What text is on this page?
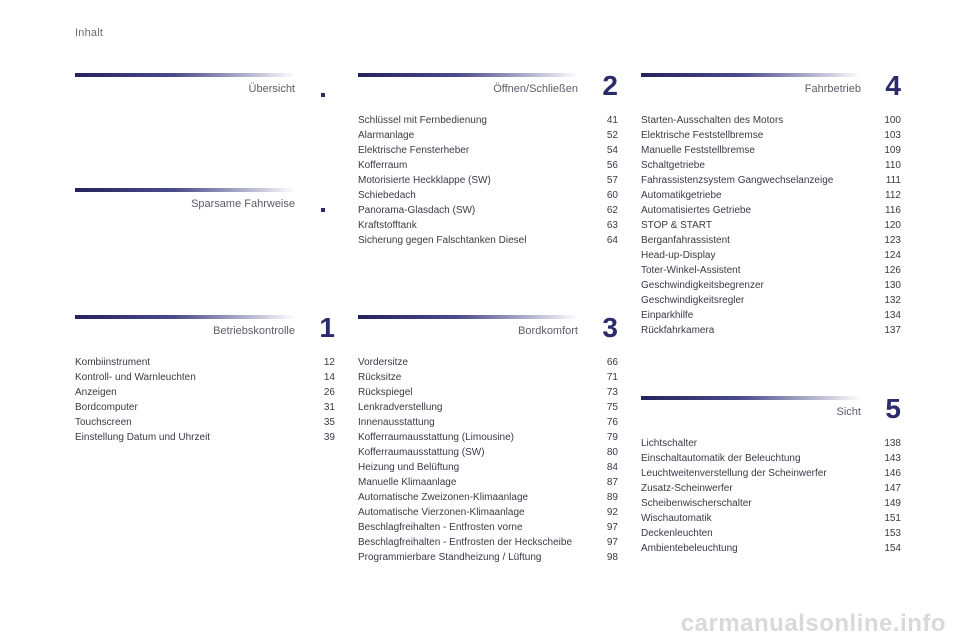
Inhalt
Übersicht
Sparsame Fahrweise
Betriebskontrolle 1
Kombiinstrument	12
Kontroll- und Warnleuchten	14
Anzeigen	26
Bordcomputer	31
Touchscreen	35
Einstellung Datum und Uhrzeit	39
Öffnen/Schließen 2
Schlüssel mit Fernbedienung	41
Alarmanlage	52
Elektrische Fensterheber	54
Kofferraum	56
Motorisierte Heckklappe (SW)	57
Schiebedach	60
Panorama-Glasdach (SW)	62
Kraftstofftank	63
Sicherung gegen Falschtanken Diesel	64
Bordkomfort 3
Vordersitze	66
Rücksitze	71
Rückspiegel	73
Lenkradverstellung	75
Innenausstattung	76
Kofferraumausstattung (Limousine)	79
Kofferraumausstattung (SW)	80
Heizung und Belüftung	84
Manuelle Klimaanlage	87
Automatische Zweizonen-Klimaanlage	89
Automatische Vierzonen-Klimaanlage	92
Beschlagfreihalten - Entfrosten vorne	97
Beschlagfreihalten - Entfrosten der Heckscheibe	97
Programmierbare Standheizung / Lüftung	98
Fahrbetrieb 4
Starten-Ausschalten des Motors	100
Elektrische Feststellbremse	103
Manuelle Feststellbremse	109
Schaltgetriebe	110
Fahrassistenzsystem Gangwechselanzeige	111
Automatikgetriebe	112
Automatisiertes Getriebe	116
STOP & START	120
Berganfahrassistent	123
Head-up-Display	124
Toter-Winkel-Assistent	126
Geschwindigkeitsbegrenzer	130
Geschwindigkeitsregler	132
Einparkhilfe	134
Rückfahrkamera	137
Sicht 5
Lichtschalter	138
Einschaltautomatik der Beleuchtung	143
Leuchtweitenverstellung der Scheinwerfer	146
Zusatz-Scheinwerfer	147
Scheibenwischerschalter	149
Wischautomatik	151
Deckenleuchten	153
Ambientebeleuchtung	154
carmanualsonline.info
